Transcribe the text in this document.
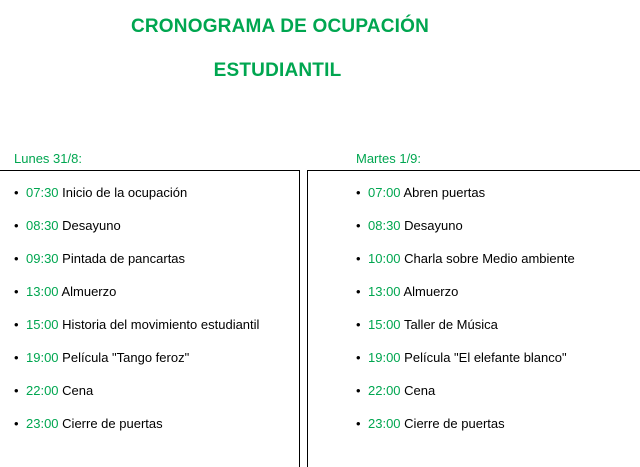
CRONOGRAMA DE OCUPACIÓN
ESTUDIANTIL
Lunes 31/8:	Martes 1/9:
• 07:30 Inicio de la ocupación
• 08:30 Desayuno
• 09:30 Pintada de pancartas
• 13:00 Almuerzo
• 15:00 Historia del movimiento estudiantil
• 19:00 Película "Tango feroz"
• 22:00 Cena
• 23:00 Cierre de puertas
• 07:00 Abren puertas
• 08:30 Desayuno
• 10:00 Charla sobre Medio ambiente
• 13:00 Almuerzo
• 15:00 Taller de Música
• 19:00 Película "El elefante blanco"
• 22:00 Cena
• 23:00 Cierre de puertas
